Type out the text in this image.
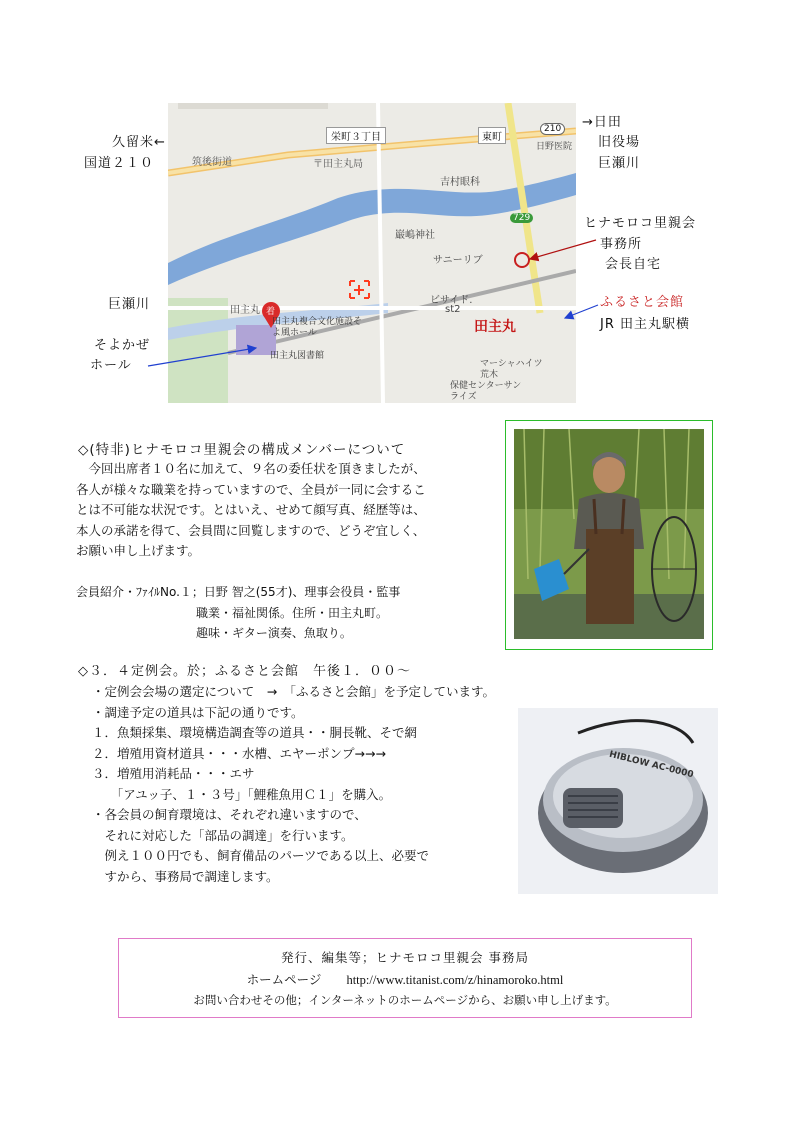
栄町３丁目	東町
210
729
筑後街道	〒田主丸局
吉村眼科
日野医院
巌嶋神社
サニーリブ
ビサイド.
st2
田主丸
田主丸
田主丸複合文化施設そよ風ホール
田主丸図書館
マーシャハイツ荒木
保健センターサンライズ
着
久留米←
国道２１０
→日田
旧役場
巨瀬川
ヒナモロコ里親会
事務所
会長自宅
巨瀬川	ふるさと会館
JR 田主丸駅横
そよかぜ
ホール
◇(特非)ヒナモロコ里親会の構成メンバーについて
　今回出席者１０名に加えて、９名の委任状を頂きましたが、
各人が様々な職業を持っていますので、全員が一同に会するこ
とは不可能な状況です。とはいえ、せめて顔写真、経歴等は、
本人の承諾を得て、会員間に回覧しますので、どうぞ宜しく、
お願い申し上げます。
会員紹介・ﾌｧｲﾙNo.１；日野 智之(55才)、理事会役員・監事
　　　　　　　　　　職業・福祉関係。住所・田主丸町。
　　　　　　　　　　趣味・ギター演奏、魚取り。
◇３．４定例会。於；ふるさと会館　午後１．００～
・定例会会場の選定について　→　「ふるさと会館」を予定しています。
・調達予定の道具は下記の通りです。
１．魚類採集、環境構造調査等の道具・・胴長靴、そで網
２．増殖用資材道具・・・水槽、エヤーポンプ→→→
３．増殖用消耗品・・・エサ
　　「アユッ子、１・３号」「鯉稚魚用Ｃ１」を購入。
・各会員の飼育環境は、それぞれ違いますので、
　それに対応した「部品の調達」を行います。
　例え１００円でも、飼育備品のパーツである以上、必要で
　すから、事務局で調達します。
HIBLOW AC-0000
発行、編集等；ヒナモロコ里親会 事務局
ホームページ　　 http://www.titanist.com/z/hinamoroko.html
お問い合わせその他；インターネットのホームページから、お願い申し上げます。
